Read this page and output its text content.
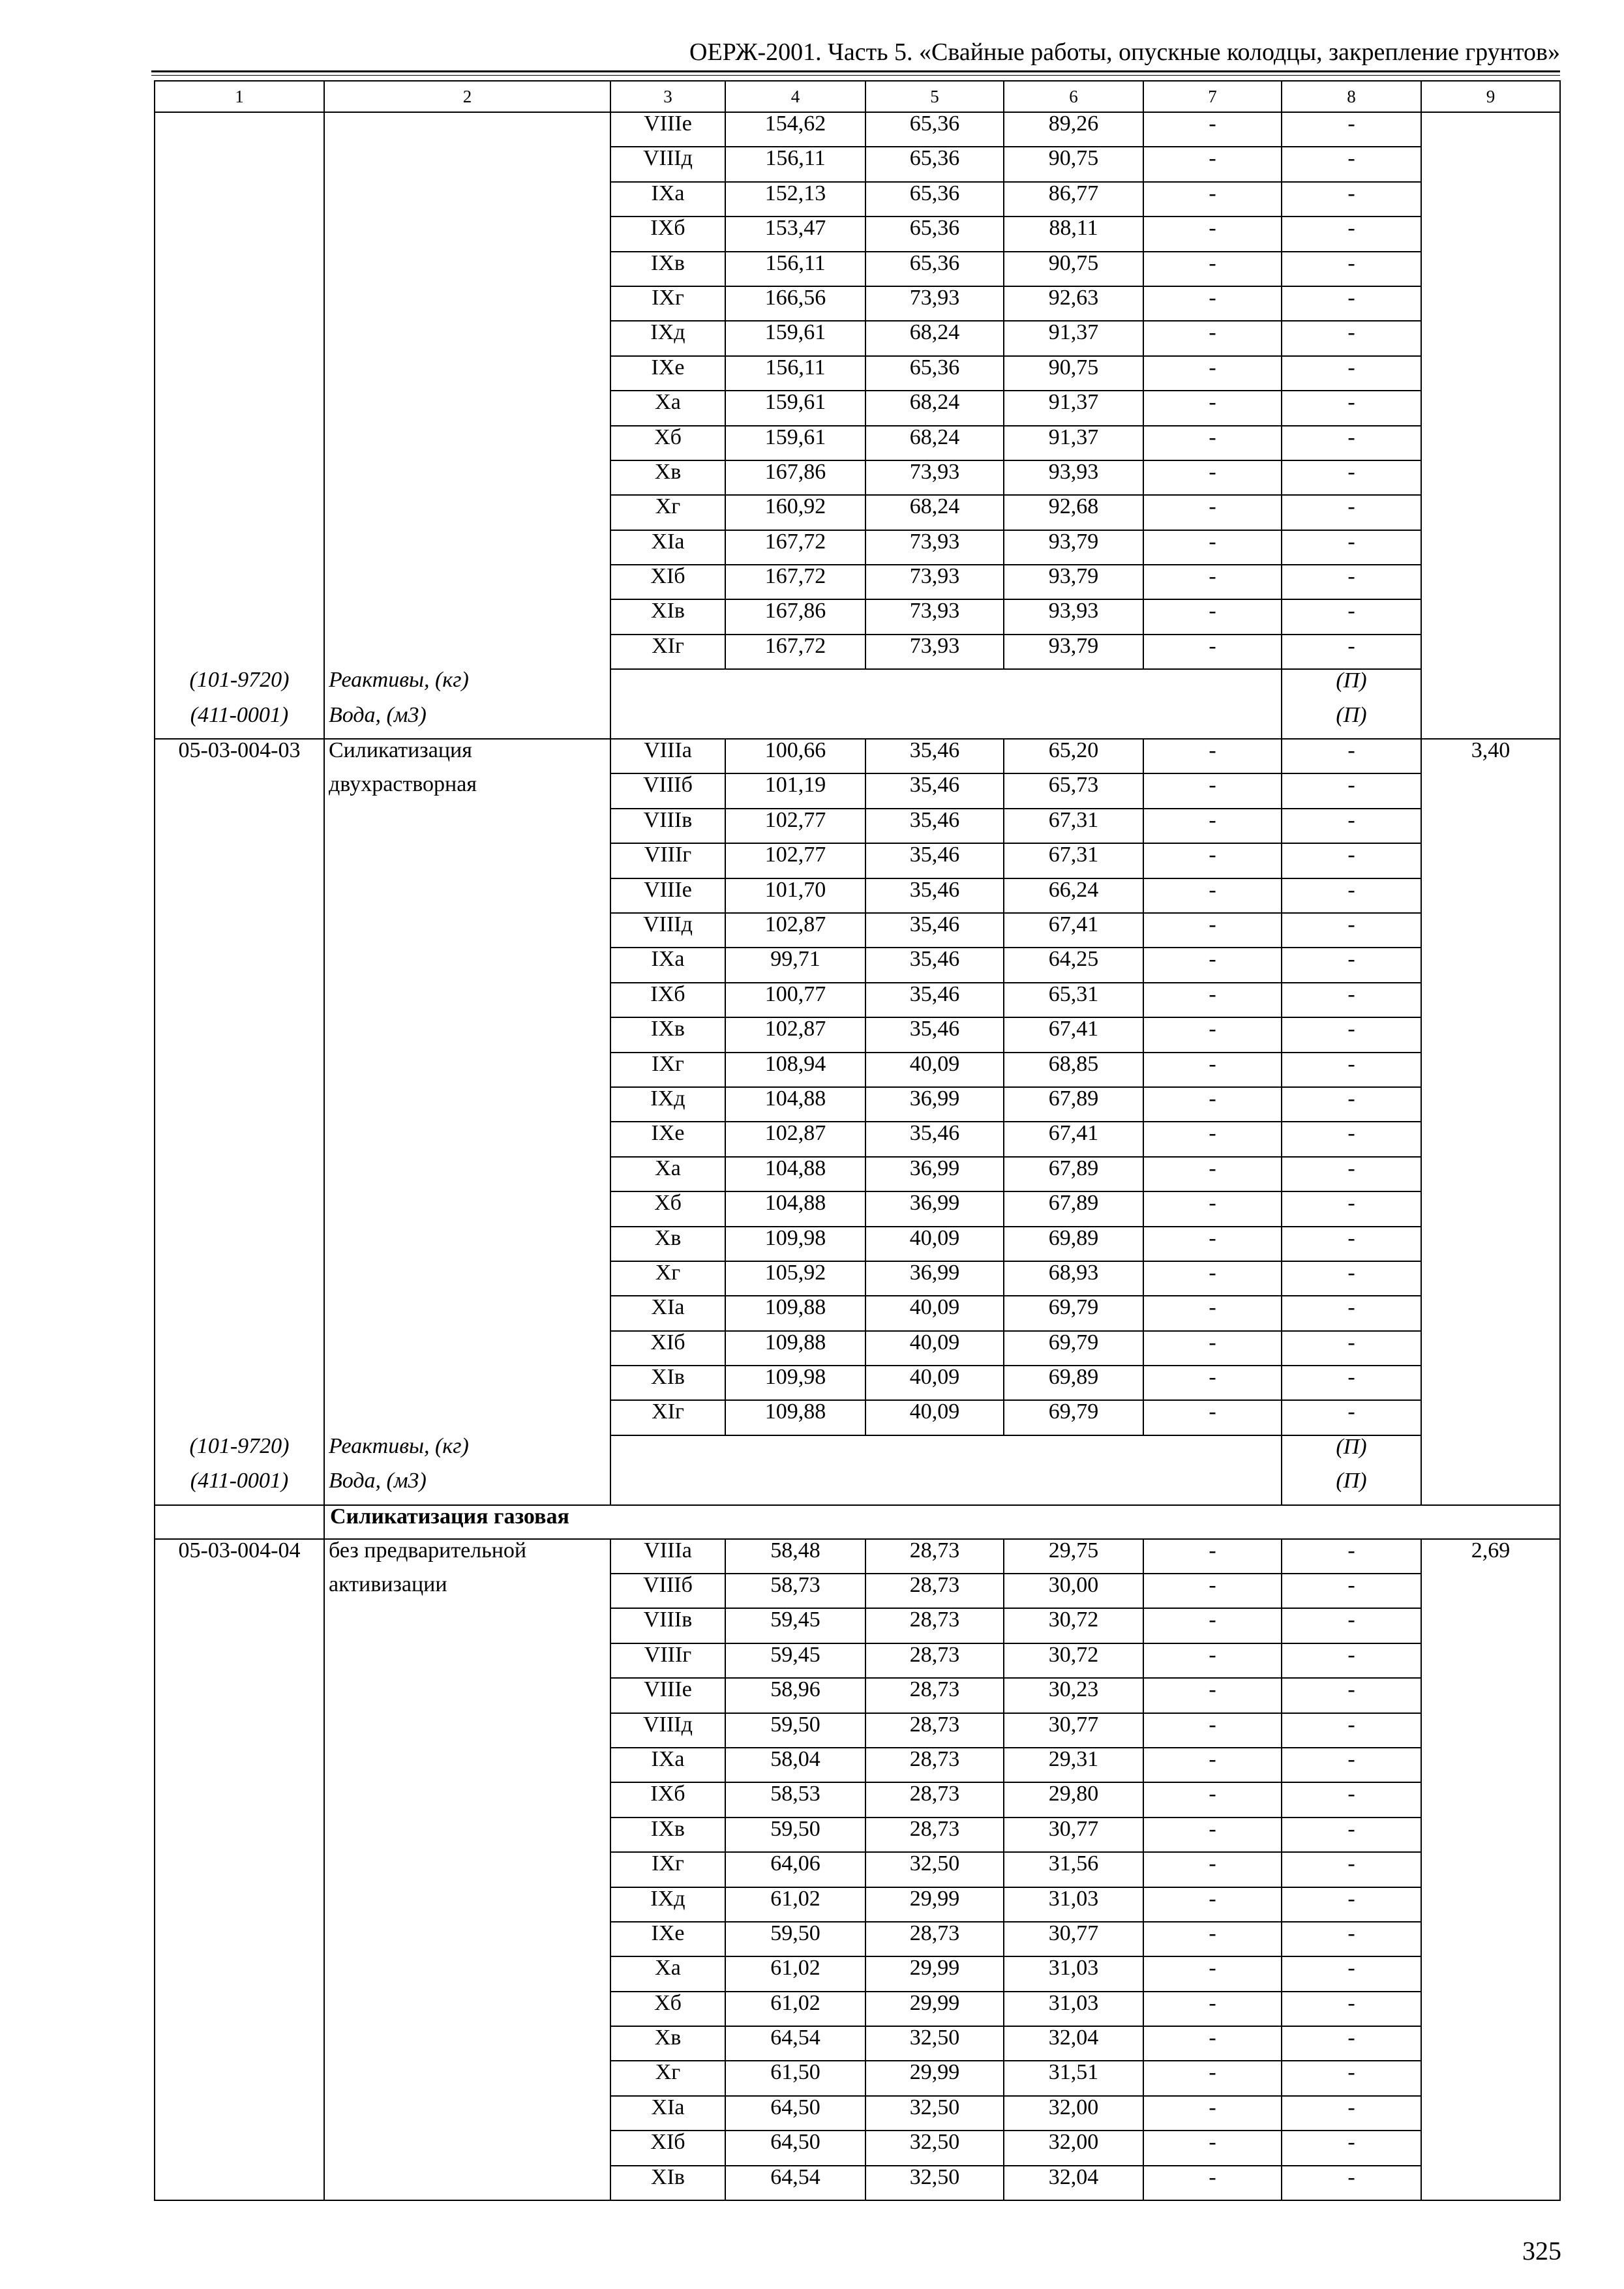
ОЕРЖ-2001. Часть 5. «Свайные работы, опускные колодцы, закрепление грунтов»
1	2	3	4	5	6	7	8	9
		VIIIе	154,62	65,36	89,26	-	-	
		VIIIд	156,11	65,36	90,75	-	-	
		IXа	152,13	65,36	86,77	-	-	
		IXб	153,47	65,36	88,11	-	-	
		IXв	156,11	65,36	90,75	-	-	
		IXг	166,56	73,93	92,63	-	-	
		IXд	159,61	68,24	91,37	-	-	
		IXе	156,11	65,36	90,75	-	-	
		Xа	159,61	68,24	91,37	-	-	
		Xб	159,61	68,24	91,37	-	-	
		Xв	167,86	73,93	93,93	-	-	
		Xг	160,92	68,24	92,68	-	-	
		XIа	167,72	73,93	93,79	-	-	
		XIб	167,72	73,93	93,79	-	-	
		XIв	167,86	73,93	93,93	-	-	
		XIг	167,72	73,93	93,79	-	-	
(101-9720)	Реактивы, (кг)						(П)	
(411-0001)	Вода, (м3)						(П)	
05-03-004-03	Силикатизация	VIIIа	100,66	35,46	65,20	-	-	3,40
	двухрастворная	VIIIб	101,19	35,46	65,73	-	-	
		VIIIв	102,77	35,46	67,31	-	-	
		VIIIг	102,77	35,46	67,31	-	-	
		VIIIе	101,70	35,46	66,24	-	-	
		VIIIд	102,87	35,46	67,41	-	-	
		IXа	99,71	35,46	64,25	-	-	
		IXб	100,77	35,46	65,31	-	-	
		IXв	102,87	35,46	67,41	-	-	
		IXг	108,94	40,09	68,85	-	-	
		IXд	104,88	36,99	67,89	-	-	
		IXе	102,87	35,46	67,41	-	-	
		Xа	104,88	36,99	67,89	-	-	
		Xб	104,88	36,99	67,89	-	-	
		Xв	109,98	40,09	69,89	-	-	
		Xг	105,92	36,99	68,93	-	-	
		XIа	109,88	40,09	69,79	-	-	
		XIб	109,88	40,09	69,79	-	-	
		XIв	109,98	40,09	69,89	-	-	
		XIг	109,88	40,09	69,79	-	-	
(101-9720)	Реактивы, (кг)						(П)	
(411-0001)	Вода, (м3)						(П)	
	Силикатизация газовая							
05-03-004-04	без предварительной	VIIIа	58,48	28,73	29,75	-	-	2,69
	активизации	VIIIб	58,73	28,73	30,00	-	-	
		VIIIв	59,45	28,73	30,72	-	-	
		VIIIг	59,45	28,73	30,72	-	-	
		VIIIе	58,96	28,73	30,23	-	-	
		VIIIд	59,50	28,73	30,77	-	-	
		IXа	58,04	28,73	29,31	-	-	
		IXб	58,53	28,73	29,80	-	-	
		IXв	59,50	28,73	30,77	-	-	
		IXг	64,06	32,50	31,56	-	-	
		IXд	61,02	29,99	31,03	-	-	
		IXе	59,50	28,73	30,77	-	-	
		Xа	61,02	29,99	31,03	-	-	
		Xб	61,02	29,99	31,03	-	-	
		Xв	64,54	32,50	32,04	-	-	
		Xг	61,50	29,99	31,51	-	-	
		XIа	64,50	32,50	32,00	-	-	
		XIб	64,50	32,50	32,00	-	-	
		XIв	64,54	32,50	32,04	-	-	
325
